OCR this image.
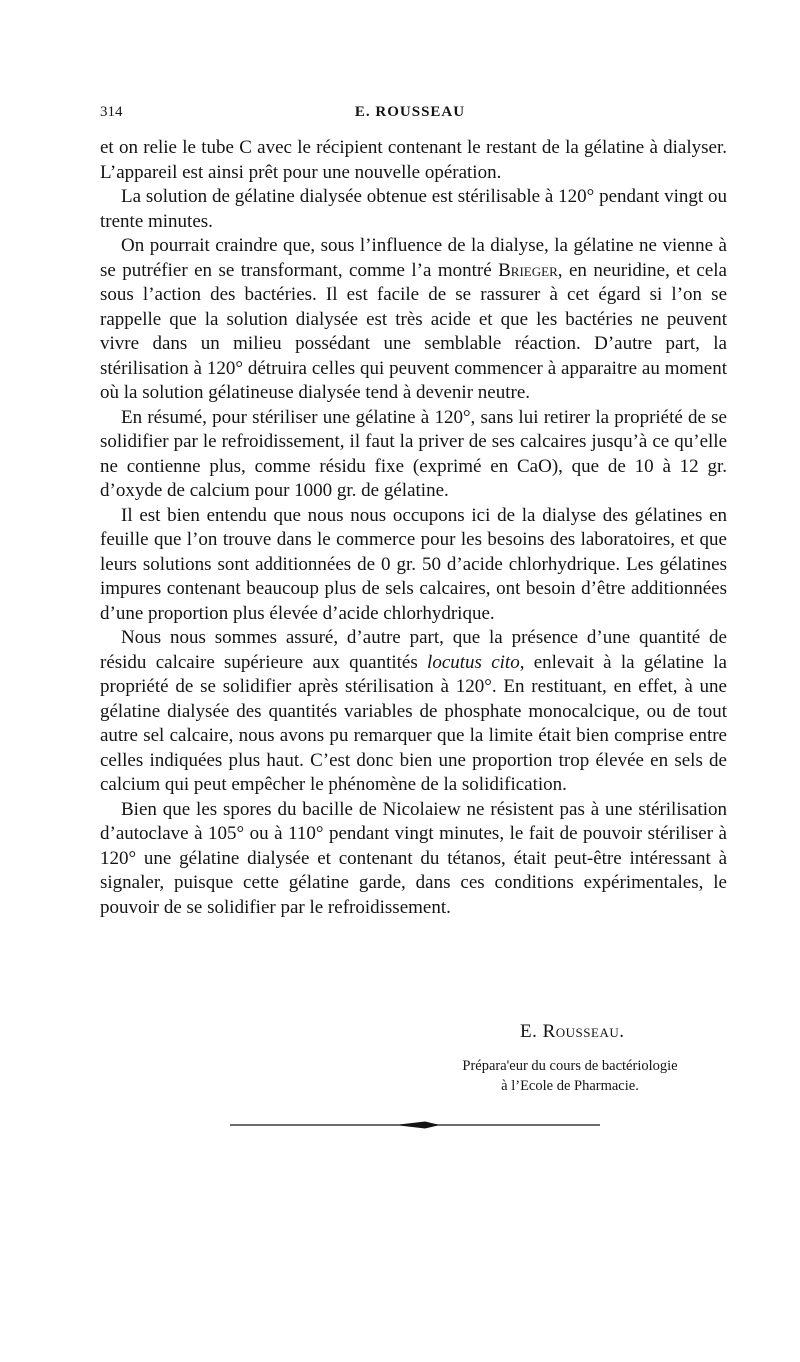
314	E. ROUSSEAU

et on relie le tube C avec le récipient contenant le restant de la gélatine à dialyser. L’appareil est ainsi prêt pour une nouvelle opération.

La solution de gélatine dialysée obtenue est stérilisable à 120° pendant vingt ou trente minutes.

On pourrait craindre que, sous l’influence de la dialyse, la gélatine ne vienne à se putréfier en se transformant, comme l’a montré Brieger, en neuridine, et cela sous l’action des bactéries. Il est facile de se rassurer à cet égard si l’on se rappelle que la solution dialysée est très acide et que les bactéries ne peuvent vivre dans un milieu possédant une semblable réaction. D’autre part, la stérilisation à 120° détruira celles qui peuvent commencer à apparaitre au moment où la solution gélatineuse dialysée tend à devenir neutre.

En résumé, pour stériliser une gélatine à 120°, sans lui retirer la propriété de se solidifier par le refroidissement, il faut la priver de ses calcaires jusqu’à ce qu’elle ne contienne plus, comme résidu fixe (exprimé en CaO), que de 10 à 12 gr. d’oxyde de calcium pour 1000 gr. de gélatine.

Il est bien entendu que nous nous occupons ici de la dialyse des gélatines en feuille que l’on trouve dans le commerce pour les besoins des laboratoires, et que leurs solutions sont additionnées de 0 gr. 50 d’acide chlorhydrique. Les gélatines impures contenant beaucoup plus de sels calcaires, ont besoin d’être additionnées d’une proportion plus élevée d’acide chlorhydrique.

Nous nous sommes assuré, d’autre part, que la présence d’une quantité de résidu calcaire supérieure aux quantités locutus cito, enlevait à la gélatine la propriété de se solidifier après stérilisation à 120°. En restituant, en effet, à une gélatine dialysée des quantités variables de phosphate monocalcique, ou de tout autre sel calcaire, nous avons pu remarquer que la limite était bien comprise entre celles indiquées plus haut. C’est donc bien une proportion trop élevée en sels de calcium qui peut empêcher le phénomène de la solidification.

Bien que les spores du bacille de Nicolaiew ne résistent pas à une stérilisation d’autoclave à 105° ou à 110° pendant vingt minutes, le fait de pouvoir stériliser à 120° une gélatine dialysée et contenant du tétanos, était peut-être intéressant à signaler, puisque cette gélatine garde, dans ces conditions expérimentales, le pouvoir de se solidifier par le refroidissement.

E. Rousseau.
Prépara'eur du cours de bactériologie
à l’Ecole de Pharmacie.
